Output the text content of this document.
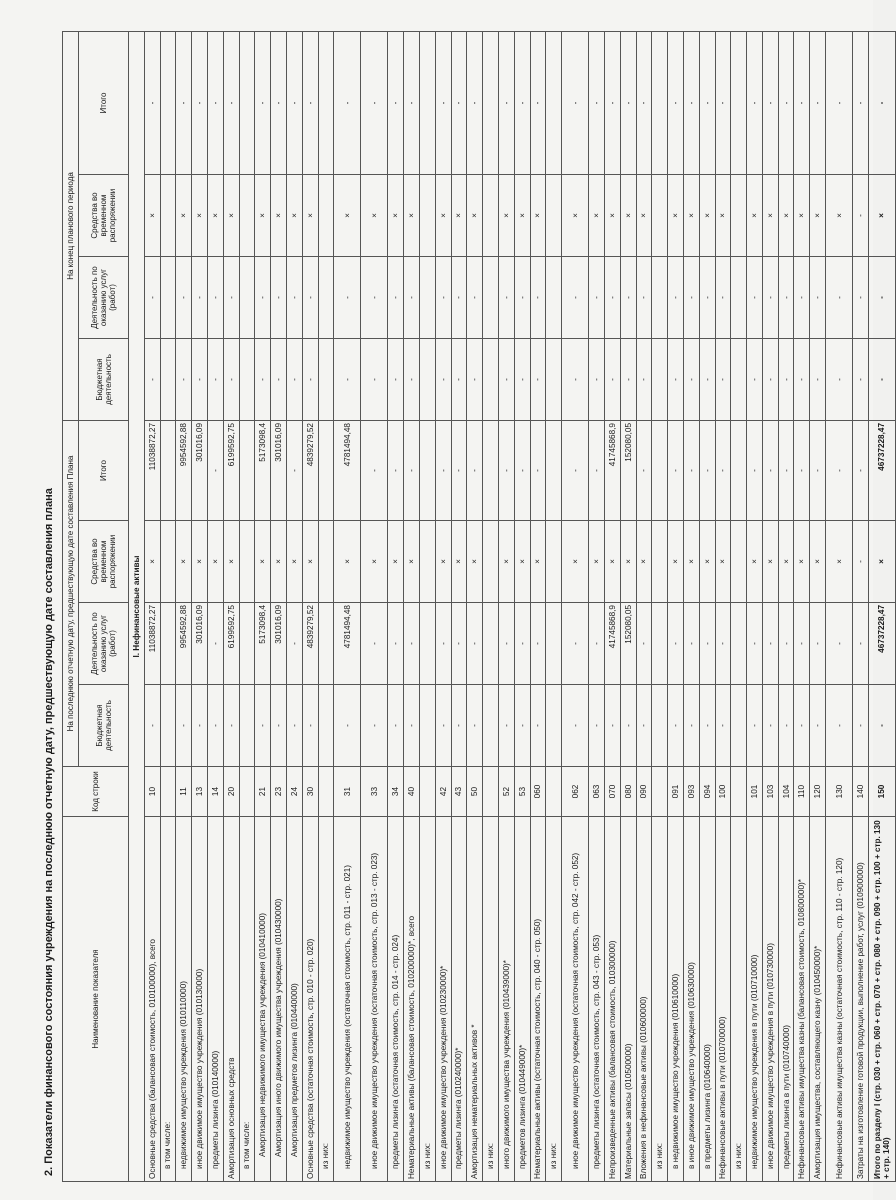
2. Показатели финансового состояния учреждения на последнюю отчетную дату, предшествующую дате составления плана	Наименование показателя	Код строки	На последнюю отчетную дату, предшествующую дате составления Плана				На конец планового периода			
		Бюджетная деятельность	Деятельность по оказанию услуг (работ)	Средства во временном распоряжении	Итого	Бюджетная деятельность	Деятельность по оказанию услуг (работ)	Средства во временном распоряжении	Итого
I. Нефинансовые активы									
Основные средства (балансовая стоимость, 010100000), всего	10	-	11038872,27	×	11038872,27	-	-	×	-
в том числе:									
недвижимое имущество учреждения (010110000)	11	-	9954592,88	×	9954592,88	-	-	×	-
иное движимое имущество учреждения (010130000)	13	-	301016,09	×	301016,09	-	-	×	-
предметы лизинга (010140000)	14	-	-	×	-	-	-	×	-
Амортизация основных средств	20	-	6199592,75	×	6199592,75	-	-	×	-
в том числе:									
Амортизация недвижимого имущества учреждения (010410000)	21	-	5173098,4	×	5173098,4	-	-	×	-
Амортизация иного движимого имущества учреждения (010430000)	23	-	301016,09	×	301016,09	-	-	×	-
Амортизация предметов лизинга (010440000)	24	-	-	×	-	-	-	×	-
Основные средства (остаточная стоимость, стр. 010 - стр. 020)	30	-	4839279,52	×	4839279,52	-	-	×	-
из них:									
недвижимое имущество учреждения (остаточная стоимость, стр. 011 - стр. 021)	31	-	4781494,48	×	4781494,48	-	-	×	-
иное движимое имущество учреждения (остаточная стоимость, стр. 013 - стр. 023)	33	-	-	×	-	-	-	×	-
предметы лизинга (остаточная стоимость, стр. 014 - стр. 024)	34	-	-	×	-	-	-	×	-
Нематериальные активы (балансовая стоимость, 010200000)*, всего	40	-	-	×	-	-	-	×	-
из них:									
иное движимое имущество учреждения (010230000)*	42	-	-	×	-	-	-	×	-
предметы лизинга (010240000)*	43	-	-	×	-	-	-	×	-
Амортизация нематериальных активов *	50	-	-	×	-	-	-	×	-
из них:									
иного движимого имущества учреждения (010439000)*	52	-	-	×	-	-	-	×	-
предметов лизинга (010449000)*	53	-	-	×	-	-	-	×	-
Нематериальные активы (остаточная стоимость, стр. 040 - стр. 050)	060	-	-	×	-	-	-	×	-
из них:									
иное движимое имущество учреждения (остаточная стоимость, стр. 042 - стр. 052)	062	-	-	×	-	-	-	×	-
предметы лизинга (остаточная стоимость, стр. 043 - стр. 053)	063	-	-	×	-	-	-	×	-
Непроизведенные активы (балансовая стоимость, 010300000)	070	-	41745868,9	×	41745868,9	-	-	×	-
Материальные запасы (010500000)	080	-	152080,05	×	152080,05	-	-	×	-
Вложения в нефинансовые активы (010600000)	090	-	-	×	-	-	-	×	-
из них:									
в недвижимое имущество учреждения (010610000)	091	-	-	×	-	-	-	×	-
в иное движимое имущество учреждения (010630000)	093	-	-	×	-	-	-	×	-
в предметы лизинга (010640000)	094	-	-	×	-	-	-	×	-
Нефинансовые активы в пути (010700000)	100	-	-	×	-	-	-	×	-
из них:									
недвижимое имущество учреждения в пути (010710000)	101	-	-	×	-	-	-	×	-
иное движимое имущество учреждения в пути (010730000)	103	-	-	×	-	-	-	×	-
предметы лизинга в пути (010740000)	104	-	-	×	-	-	-	×	-
Нефинансовые активы имущества казны (балансовая стоимость, 010800000)*	110	-	-	×	-	-	-	×	-
Амортизация имущества, составляющего казну (010450000)*	120	-	-	×	-	-	-	×	-
Нефинансовые активы имущества казны (остаточная стоимость, стр. 110 - стр. 120)	130	-	-	×	-	-	-	×	-
Затраты на изготовление готовой продукции, выполнение работ, услуг (010900000)	140	-	-	-	-	-	-	-	-
Итого по разделу I (стр. 030 + стр. 060 + стр. 070 + стр. 080 + стр. 090 + стр. 100 + стр. 130 + стр. 140)	150	-	46737228,47	×	46737228,47	-	-	×	-
